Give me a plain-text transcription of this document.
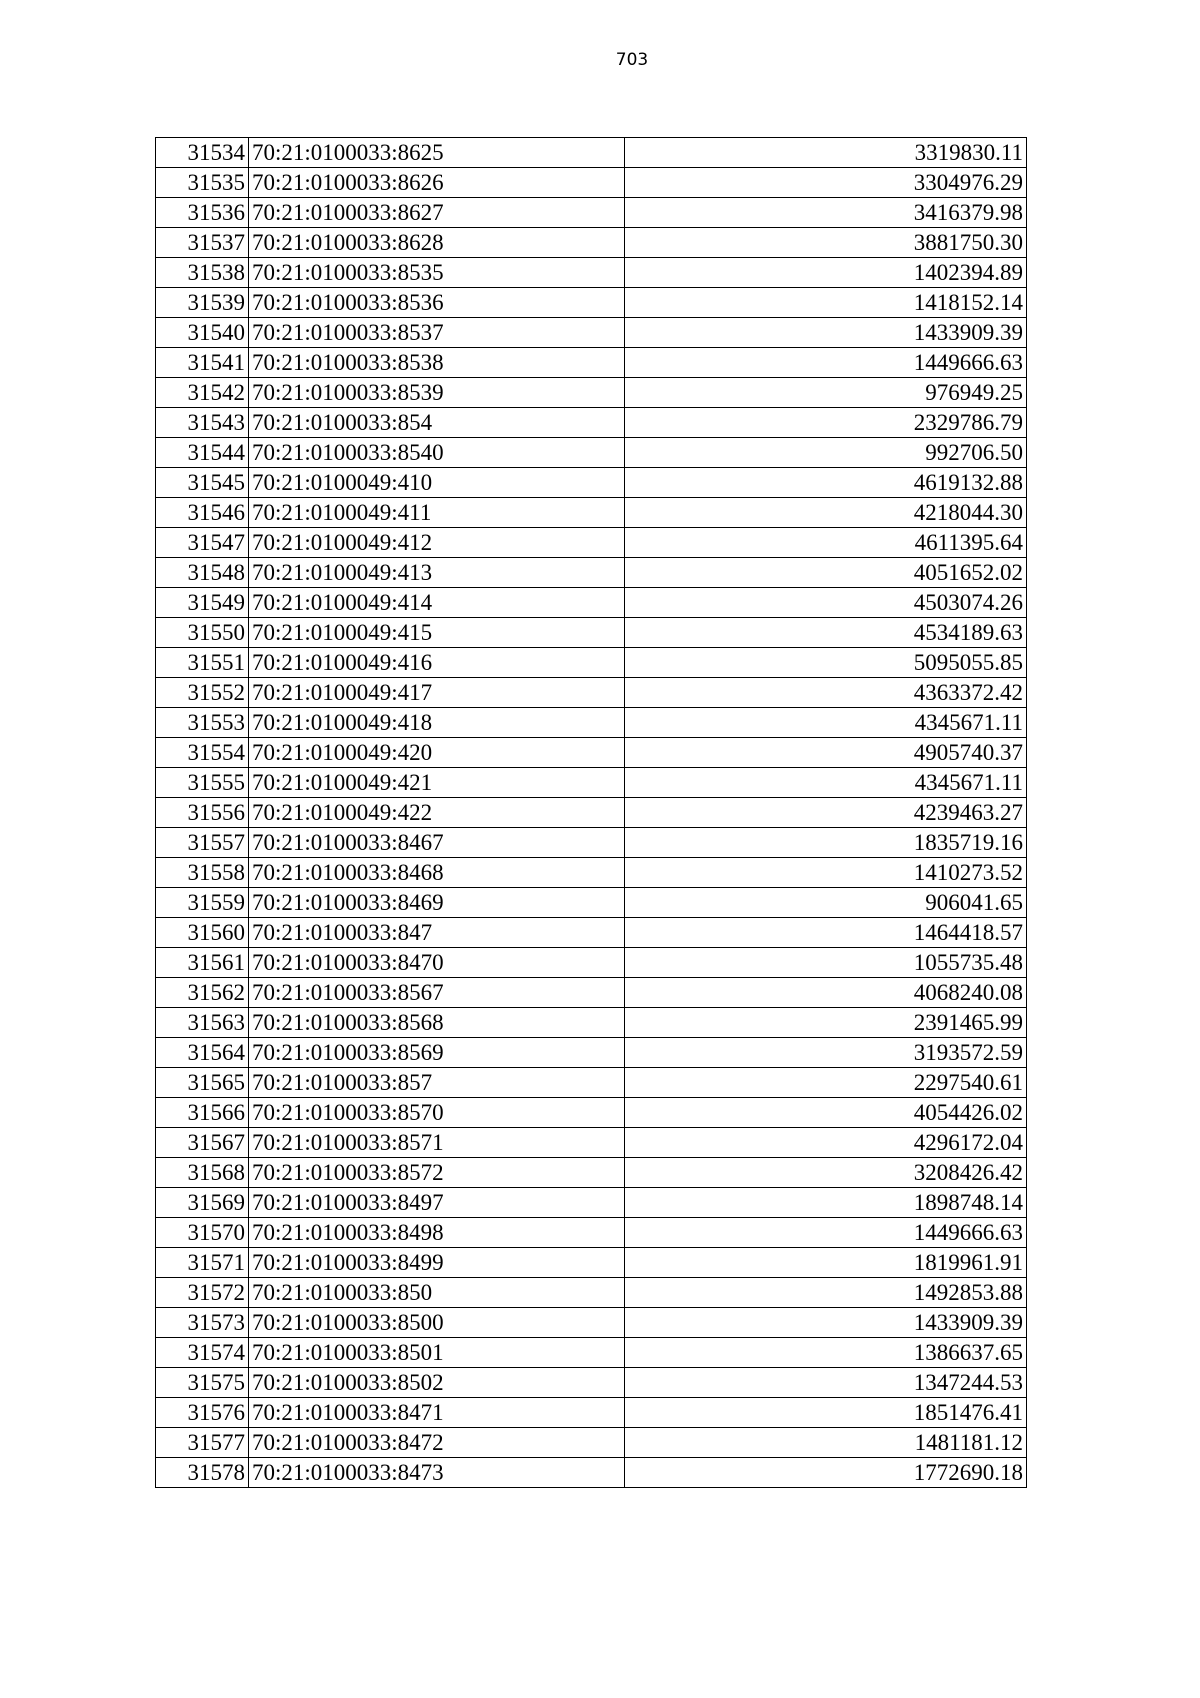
703
31534	70:21:0100033:8625	3319830.11
31535	70:21:0100033:8626	3304976.29
31536	70:21:0100033:8627	3416379.98
31537	70:21:0100033:8628	3881750.30
31538	70:21:0100033:8535	1402394.89
31539	70:21:0100033:8536	1418152.14
31540	70:21:0100033:8537	1433909.39
31541	70:21:0100033:8538	1449666.63
31542	70:21:0100033:8539	976949.25
31543	70:21:0100033:854	2329786.79
31544	70:21:0100033:8540	992706.50
31545	70:21:0100049:410	4619132.88
31546	70:21:0100049:411	4218044.30
31547	70:21:0100049:412	4611395.64
31548	70:21:0100049:413	4051652.02
31549	70:21:0100049:414	4503074.26
31550	70:21:0100049:415	4534189.63
31551	70:21:0100049:416	5095055.85
31552	70:21:0100049:417	4363372.42
31553	70:21:0100049:418	4345671.11
31554	70:21:0100049:420	4905740.37
31555	70:21:0100049:421	4345671.11
31556	70:21:0100049:422	4239463.27
31557	70:21:0100033:8467	1835719.16
31558	70:21:0100033:8468	1410273.52
31559	70:21:0100033:8469	906041.65
31560	70:21:0100033:847	1464418.57
31561	70:21:0100033:8470	1055735.48
31562	70:21:0100033:8567	4068240.08
31563	70:21:0100033:8568	2391465.99
31564	70:21:0100033:8569	3193572.59
31565	70:21:0100033:857	2297540.61
31566	70:21:0100033:8570	4054426.02
31567	70:21:0100033:8571	4296172.04
31568	70:21:0100033:8572	3208426.42
31569	70:21:0100033:8497	1898748.14
31570	70:21:0100033:8498	1449666.63
31571	70:21:0100033:8499	1819961.91
31572	70:21:0100033:850	1492853.88
31573	70:21:0100033:8500	1433909.39
31574	70:21:0100033:8501	1386637.65
31575	70:21:0100033:8502	1347244.53
31576	70:21:0100033:8471	1851476.41
31577	70:21:0100033:8472	1481181.12
31578	70:21:0100033:8473	1772690.18
